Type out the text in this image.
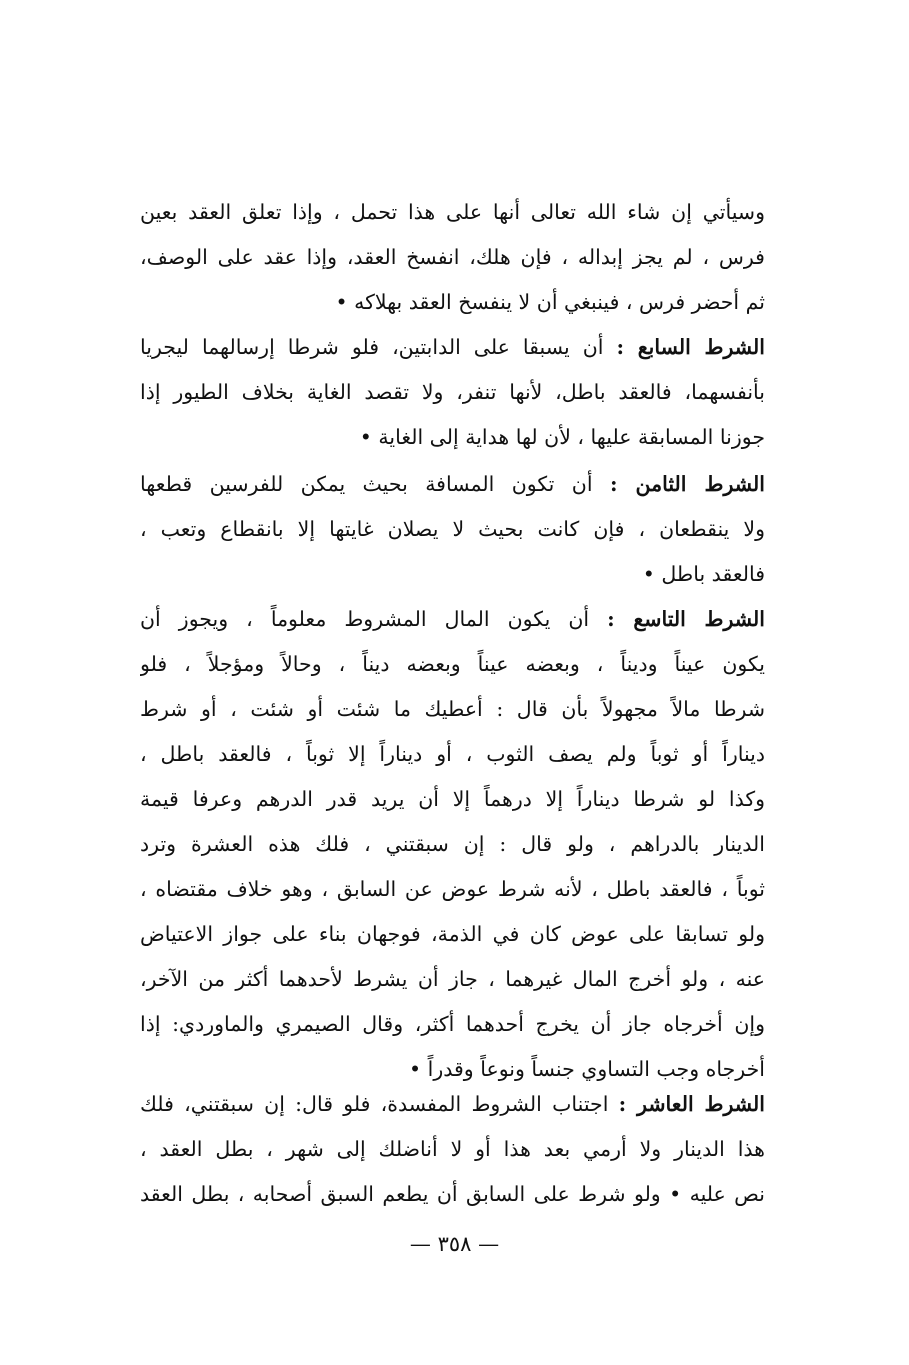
وسيأتي إن شاء الله تعالى أنها على هذا تحمل ، وإذا تعلق العقد بعين
فرس ، لم يجز إبداله ، فإن هلك، انفسخ العقد، وإذا عقد على الوصف،
ثم أحضر فرس ، فينبغي أن لا ينفسخ العقد بهلاكه •
الشرط السابع : أن يسبقا على الدابتين، فلو شرطا إرسالهما ليجريا
بأنفسهما، فالعقد باطل، لأنها تنفر، ولا تقصد الغاية بخلاف الطيور إذا
جوزنا المسابقة عليها ، لأن لها هداية إلى الغاية •
الشرط الثامن : أن تكون المسافة بحيث يمكن للفرسين قطعها
ولا ينقطعان ، فإن كانت بحيث لا يصلان غايتها إلا بانقطاع وتعب ،
فالعقد باطل •
الشرط التاسع : أن يكون المال المشروط معلوماً ، ويجوز أن
يكون عيناً وديناً ، وبعضه عيناً وبعضه ديناً ، وحالاً ومؤجلاً ، فلو
شرطا مالاً مجهولاً بأن قال : أعطيك ما شئت أو شئت ، أو شرط
ديناراً أو ثوباً ولم يصف الثوب ، أو ديناراً إلا ثوباً ، فالعقد باطل ،
وكذا لو شرطا ديناراً إلا درهماً إلا أن يريد قدر الدرهم وعرفا قيمة
الدينار بالدراهم ، ولو قال : إن سبقتني ، فلك هذه العشرة وترد
ثوباً ، فالعقد باطل ، لأنه شرط عوض عن السابق ، وهو خلاف مقتضاه ،
ولو تسابقا على عوض كان في الذمة، فوجهان بناء على جواز الاعتياض
عنه ، ولو أخرج المال غيرهما ، جاز أن يشرط لأحدهما أكثر من الآخر،
وإن أخرجاه جاز أن يخرج أحدهما أكثر، وقال الصيمري والماوردي: إذا
أخرجاه وجب التساوي جنساً ونوعاً وقدراً •
الشرط العاشر : اجتناب الشروط المفسدة، فلو قال: إن سبقتني، فلك
هذا الدينار ولا أرمي بعد هذا أو لا أناضلك إلى شهر ، بطل العقد ،
نص عليه • ولو شرط على السابق أن يطعم السبق أصحابه ، بطل العقد
— ٣٥٨ —
